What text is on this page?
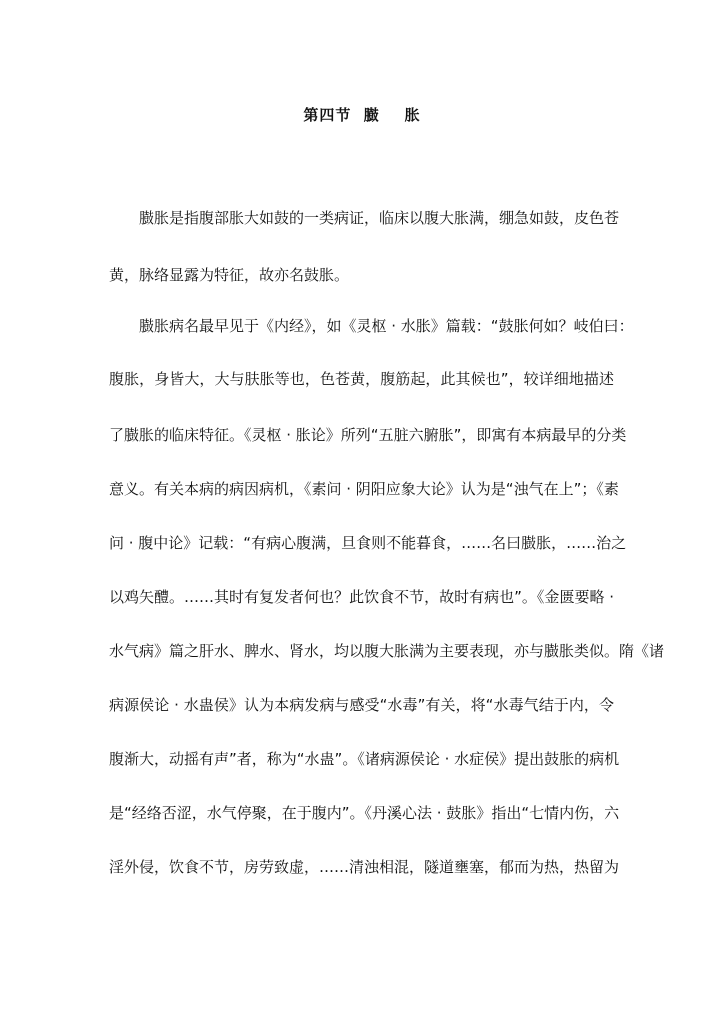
第四节  臌    胀
臌胀是指腹部胀大如鼓的一类病证，临床以腹大胀满，绷急如鼓，皮色苍
黄，脉络显露为特征，故亦名鼓胀。
臌胀病名最早见于《内经》，如《灵枢 · 水胀》篇载：“鼓胀何如？岐伯曰：
腹胀，身皆大，大与肤胀等也，色苍黄，腹筋起，此其候也”，较详细地描述
了臌胀的临床特征。《灵枢 · 胀论》所列“五脏六腑胀”，即寓有本病最早的分类
意义。有关本病的病因病机，《素问 · 阴阳应象大论》认为是“浊气在上”；《素
问 · 腹中论》记载：“有病心腹满，旦食则不能暮食，……名曰臌胀，……治之
以鸡矢醴。……其时有复发者何也？此饮食不节，故时有病也”。《金匮要略 ·
水气病》篇之肝水、脾水、肾水，均以腹大胀满为主要表现，亦与臌胀类似。隋《诸
病源侯论 · 水蛊侯》认为本病发病与感受“水毒”有关，将“水毒气结于内，令
腹渐大，动摇有声”者，称为“水蛊”。《诸病源侯论 · 水症侯》提出鼓胀的病机
是“经络否涩，水气停聚，在于腹内”。《丹溪心法 · 鼓胀》指出“七情内伤，六
淫外侵，饮食不节，房劳致虚，……清浊相混，隧道壅塞，郁而为热，热留为
